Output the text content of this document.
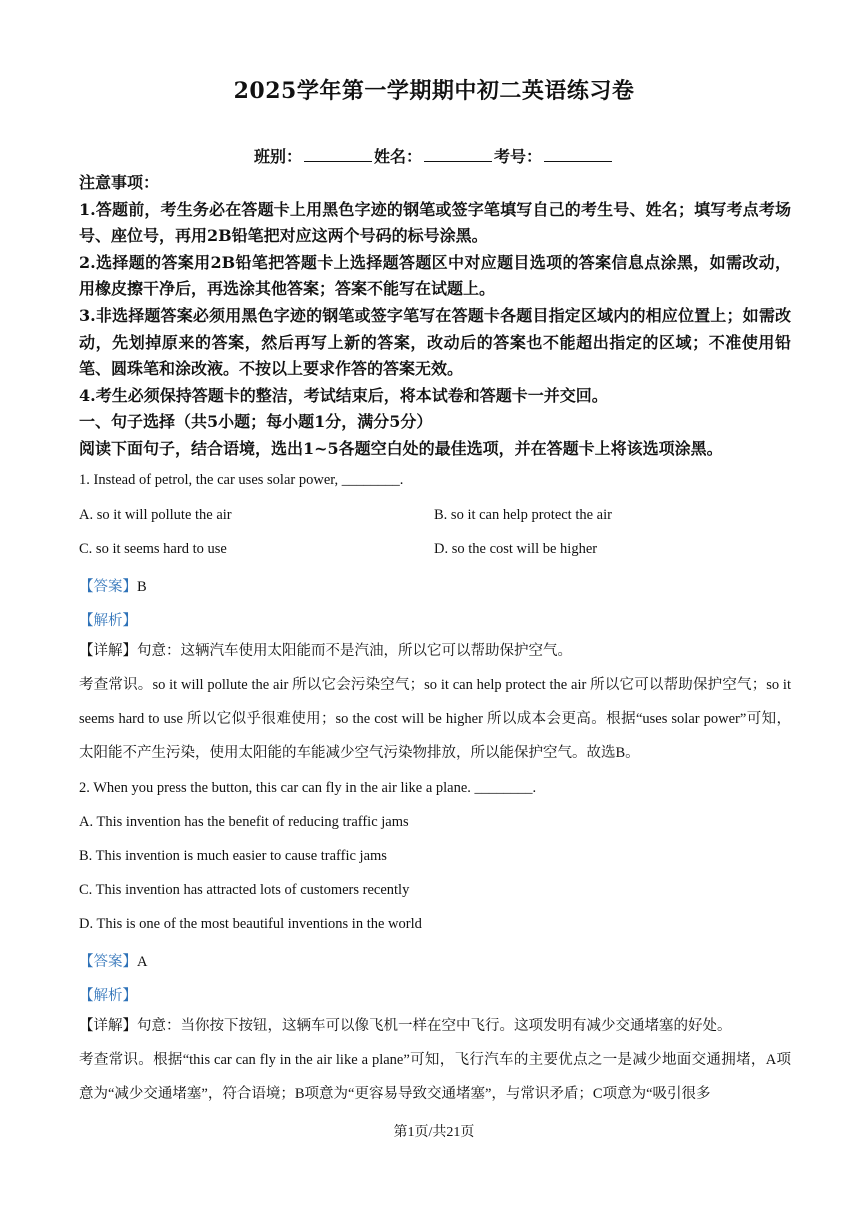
2025学年第一学期期中初二英语练习卷
班别：	姓名：	考号：

注意事项：

1.答题前，考生务必在答题卡上用黑色字迹的钢笔或签字笔填写自己的考生号、姓名；填写考点考场号、座位号，再用2B铅笔把对应这两个号码的标号涂黑。

2.选择题的答案用2B铅笔把答题卡上选择题答题区中对应题目选项的答案信息点涂黑，如需改动，用橡皮擦干净后，再选涂其他答案；答案不能写在试题上。

3.非选择题答案必须用黑色字迹的钢笔或签字笔写在答题卡各题目指定区域内的相应位置上；如需改动，先划掉原来的答案，然后再写上新的答案，改动后的答案也不能超出指定的区域；不准使用铅笔、圆珠笔和涂改液。不按以上要求作答的答案无效。

4.考生必须保持答题卡的整洁，考试结束后，将本试卷和答题卡一并交回。

一、句子选择（共5小题；每小题1分，满分5分）

阅读下面句子，结合语境，选出1~5各题空白处的最佳选项，并在答题卡上将该选项涂黑。

1. Instead of petrol, the car uses solar power, ________.
A. so it will pollute the air	B. so it can help protect the air
C. so it seems hard to use	D. so the cost will be higher
【答案】B
【解析】

【详解】句意：这辆汽车使用太阳能而不是汽油，所以它可以帮助保护空气。

考查常识。so it will pollute the air 所以它会污染空气；so it can help protect the air 所以它可以帮助保护空气；so it seems hard to use 所以它似乎很难使用；so the cost will be higher 所以成本会更高。根据“uses solar power”可知，太阳能不产生污染，使用太阳能的车能减少空气污染物排放，所以能保护空气。故选B。

2. When you press the button, this car can fly in the air like a plane. ________.
A. This invention has the benefit of reducing traffic jams
B. This invention is much easier to cause traffic jams
C. This invention has attracted lots of customers recently
D. This is one of the most beautiful inventions in the world
【答案】A
【解析】

【详解】句意：当你按下按钮，这辆车可以像飞机一样在空中飞行。这项发明有减少交通堵塞的好处。

考查常识。根据“this car can fly in the air like a plane”可知，飞行汽车的主要优点之一是减少地面交通拥堵，A项意为“减少交通堵塞”，符合语境；B项意为“更容易导致交通堵塞”，与常识矛盾；C项意为“吸引很多

第1页/共21页
